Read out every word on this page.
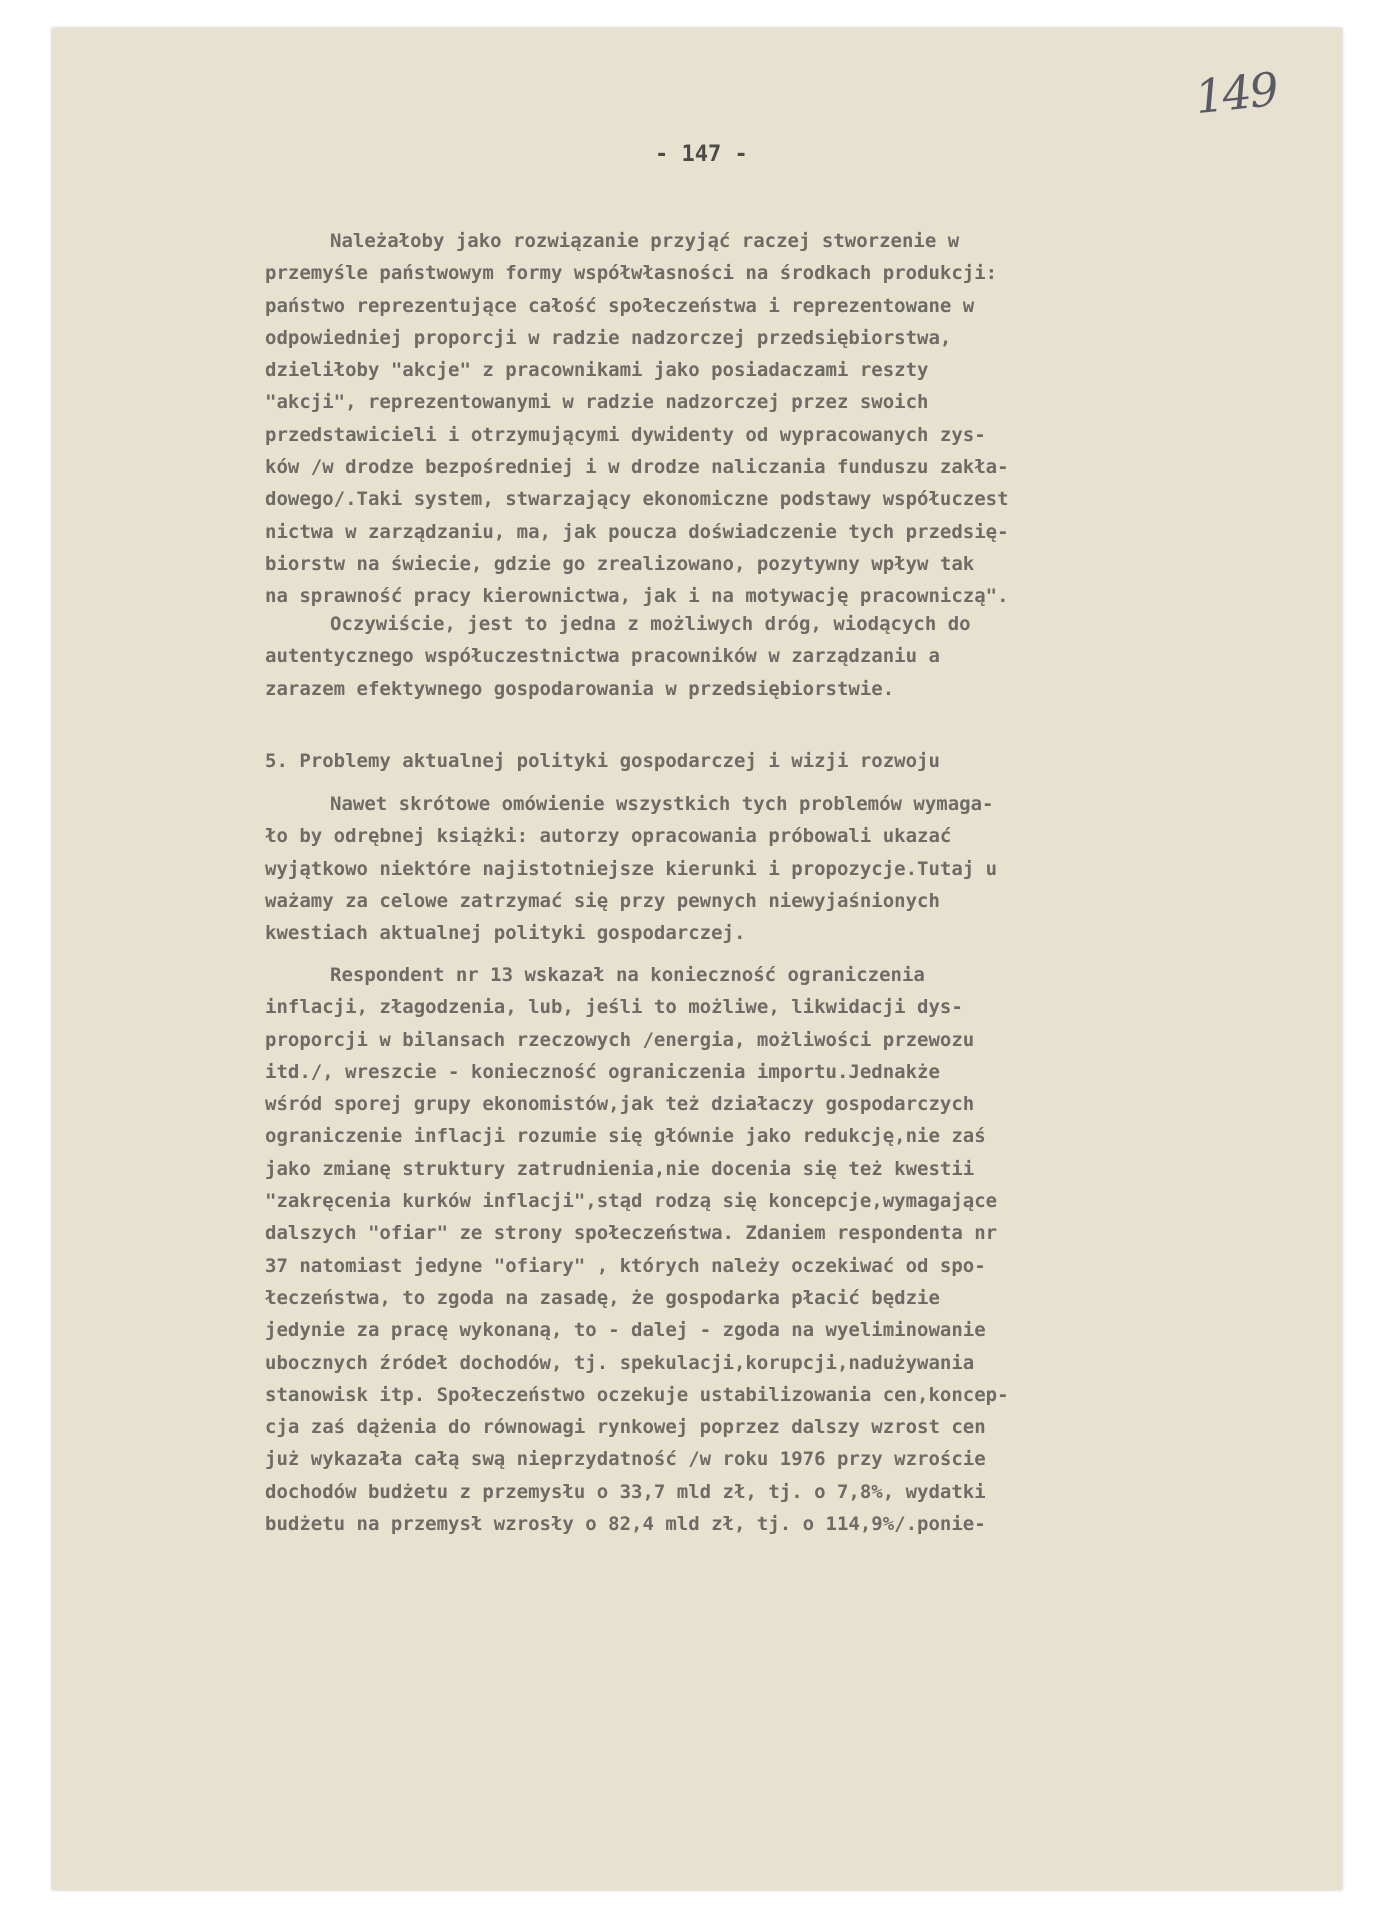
149
- 147 -
Należałoby jako rozwiązanie przyjąć raczej stworzenie w
przemyśle państwowym formy współwłasności na środkach produkcji:
państwo reprezentujące całość społeczeństwa i reprezentowane w
odpowiedniej proporcji w radzie nadzorczej przedsiębiorstwa,
dzieliłoby "akcje" z pracownikami jako posiadaczami reszty
"akcji", reprezentowanymi w radzie nadzorczej przez swoich
przedstawicieli i otrzymującymi dywidenty od wypracowanych zys-
ków /w drodze bezpośredniej i w drodze naliczania funduszu zakła-
dowego/.Taki system, stwarzający ekonomiczne podstawy współuczest
nictwa w zarządzaniu, ma, jak poucza doświadczenie tych przedsię-
biorstw na świecie, gdzie go zrealizowano, pozytywny wpływ tak
na sprawność pracy kierownictwa, jak i na motywację pracowniczą".
Oczywiście, jest to jedna z możliwych dróg, wiodących do
autentycznego współuczestnictwa pracowników w zarządzaniu a
zarazem efektywnego gospodarowania w przedsiębiorstwie.
5. Problemy aktualnej polityki gospodarczej i wizji rozwoju
Nawet skrótowe omówienie wszystkich tych problemów wymaga-
ło by odrębnej książki: autorzy opracowania próbowali ukazać
wyjątkowo niektóre najistotniejsze kierunki i propozycje.Tutaj u
ważamy za celowe zatrzymać się przy pewnych niewyjaśnionych
kwestiach aktualnej polityki gospodarczej.
Respondent nr 13 wskazał na konieczność ograniczenia
inflacji, złagodzenia, lub, jeśli to możliwe, likwidacji dys-
proporcji w bilansach rzeczowych /energia, możliwości przewozu
itd./, wreszcie - konieczność ograniczenia importu.Jednakże
wśród sporej grupy ekonomistów,jak też działaczy gospodarczych
ograniczenie inflacji rozumie się głównie jako redukcję,nie zaś
jako zmianę struktury zatrudnienia,nie docenia się też kwestii
"zakręcenia kurków inflacji",stąd rodzą się koncepcje,wymagające
dalszych "ofiar" ze strony społeczeństwa. Zdaniem respondenta nr
37 natomiast jedyne "ofiary" , których należy oczekiwać od spo-
łeczeństwa, to zgoda na zasadę, że gospodarka płacić będzie
jedynie za pracę wykonaną, to - dalej - zgoda na wyeliminowanie
ubocznych źródeł dochodów, tj. spekulacji,korupcji,nadużywania
stanowisk itp. Społeczeństwo oczekuje ustabilizowania cen,koncep-
cja zaś dążenia do równowagi rynkowej poprzez dalszy wzrost cen
już wykazała całą swą nieprzydatność /w roku 1976 przy wzroście
dochodów budżetu z przemysłu o 33,7 mld zł, tj. o 7,8%, wydatki
budżetu na przemysł wzrosły o 82,4 mld zł, tj. o 114,9%/.ponie-
